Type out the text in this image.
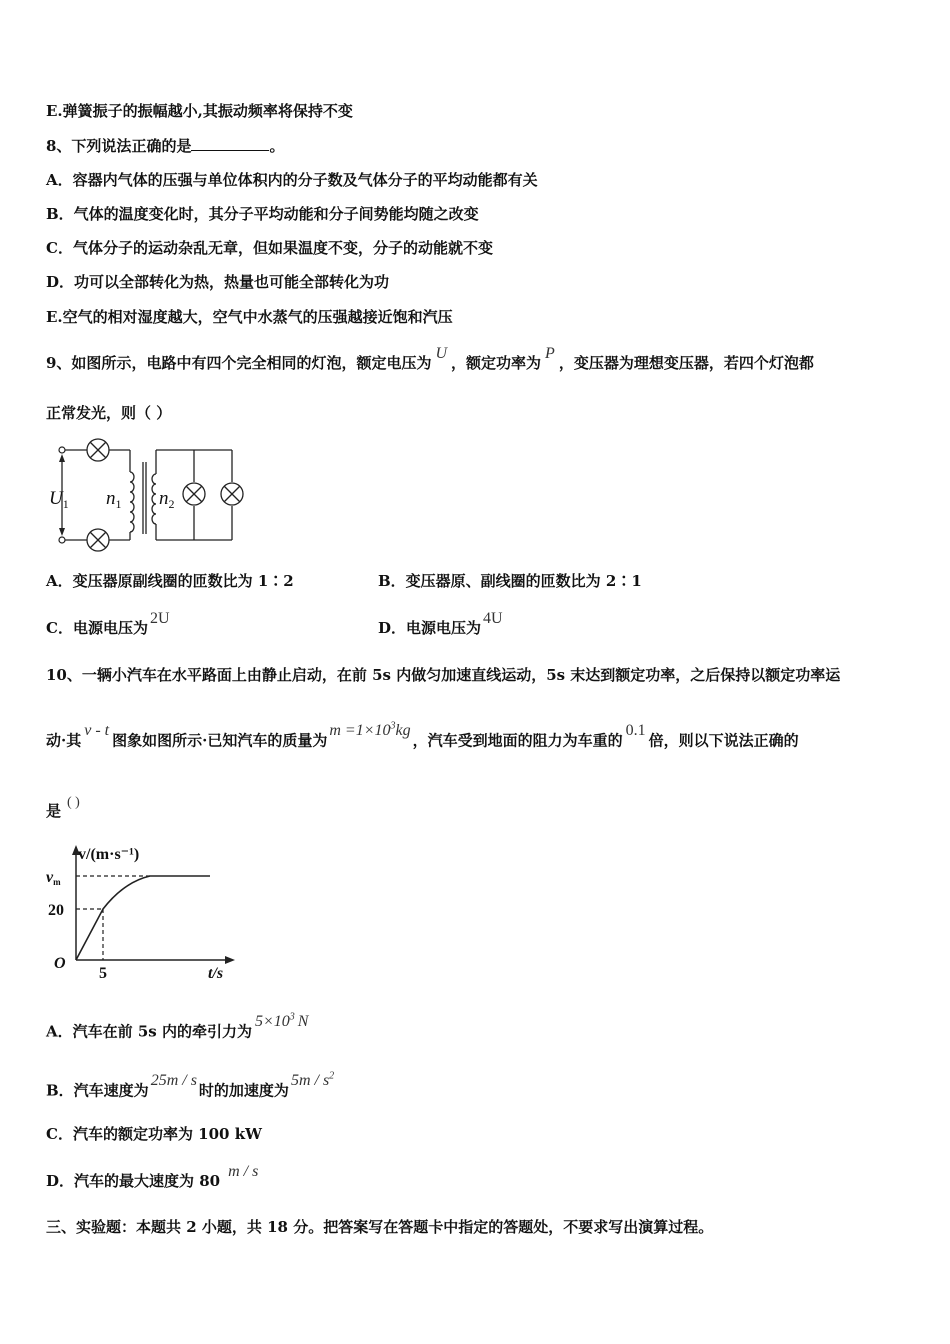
E.弹簧振子的振幅越小,其振动频率将保持不变
8、下列说法正确的是	。
A．容器内气体的压强与单位体积内的分子数及气体分子的平均动能都有关
B．气体的温度变化时，其分子平均动能和分子间势能均随之改变
C．气体分子的运动杂乱无章，但如果温度不变，分子的动能就不变
D．功可以全部转化为热，热量也可能全部转化为功
E.空气的相对湿度越大，空气中水蒸气的压强越接近饱和汽压
9、如图所示，电路中有四个完全相同的灯泡，额定电压为U，额定功率为P，变压器为理想变压器，若四个灯泡都
正常发光，则（ ）
$U_1$ $n_1$ $n_2$
A．变压器原副线圈的匝数比为 1∶2	B．变压器原、副线圈的匝数比为 2∶1
C．电源电压为2U
D．电源电压为4U
10、一辆小汽车在水平路面上由静止启动，在前 5s 内做匀加速直线运动，5s 末达到额定功率，之后保持以额定功率运
动·其v - t图象如图所示·已知汽车的质量为$m =1\times 10^3kg$，汽车受到地面的阻力为车重的0.1倍，则以下说法正确的
是 ( )
v/(m·s⁻¹)
vm
20
O
5	t/s
A．汽车在前 5s 内的牵引力为$5\times 10^3$ N
B．汽车速度为25m / s时的加速度为$5m / s^2$
C．汽车的额定功率为 100 kW
D．汽车的最大速度为 80m / s
三、实验题：本题共 2 小题，共 18 分。把答案写在答题卡中指定的答题处，不要求写出演算过程。
